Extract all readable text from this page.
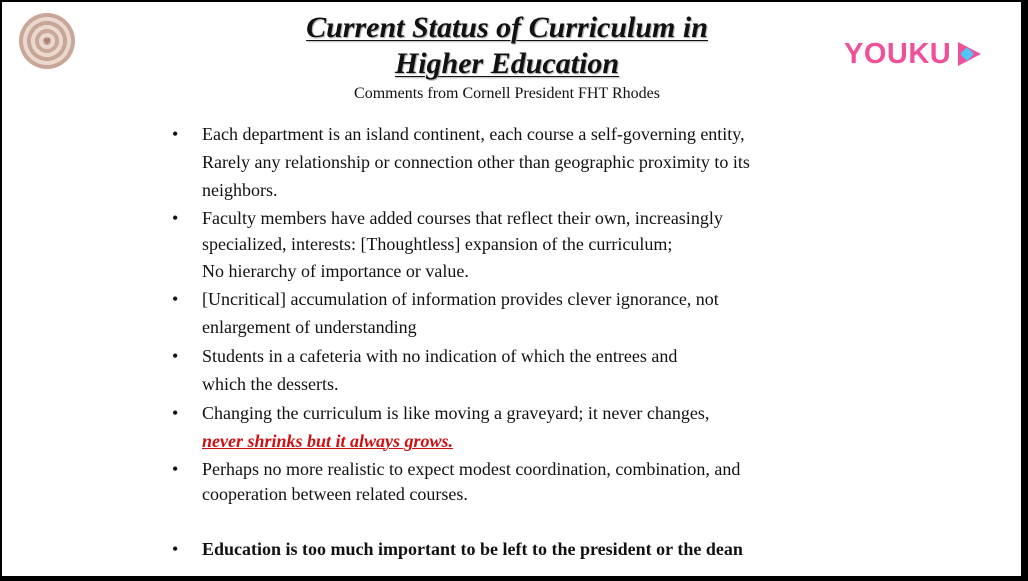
♥	Current Status of Curriculum in
Higher Education
Comments from Cornell President FHT Rhodes
YOUKU
• Each department is an island continent, each course a self-governing entity,
Rarely any relationship or connection other than geographic proximity to its
neighbors.
• Faculty members have added courses that reflect their own, increasingly
specialized, interests: [Thoughtless] expansion of the curriculum;
No hierarchy of importance or value.
• [Uncritical] accumulation of information provides clever ignorance, not
enlargement of understanding
• Students in a cafeteria with no indication of which the entrees and
which the desserts.
• Changing the curriculum is like moving a graveyard; it never changes,
never shrinks but it always grows.
• Perhaps no more realistic to expect modest coordination, combination, and
cooperation between related courses.
• Education is too much important to be left to the president or the dean
